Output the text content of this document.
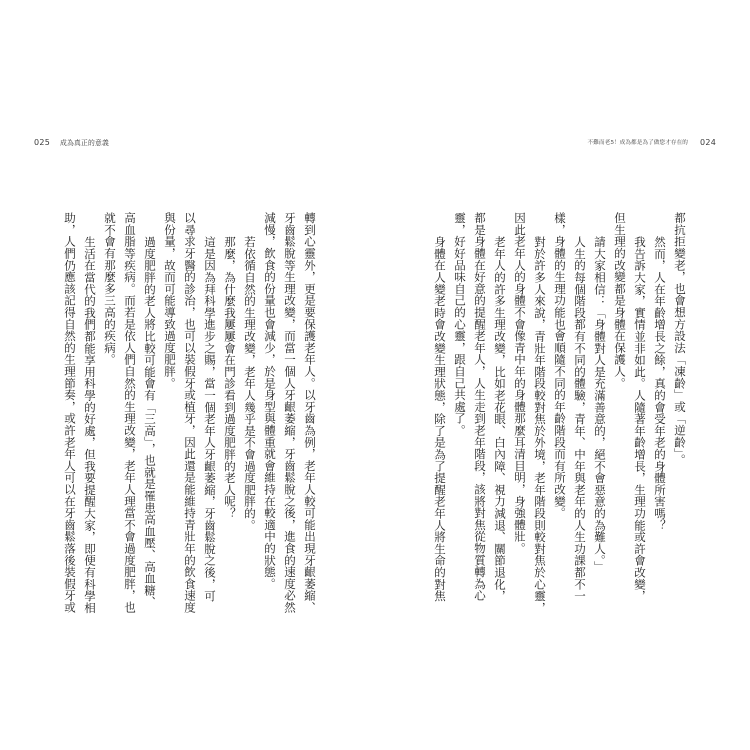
025 成為真正的意義
轉到心靈外，更是要保護老年人。以牙齒為例，老年人較可能出現牙齦萎縮、
牙齒鬆脫等生理改變，而當一個人牙齦萎縮，牙齒鬆脫之後，進食的速度必然
減慢，飲食的份量也會減少，於是身型與體重就會維持在較適中的狀態。
若依循自然的生理改變，老年人幾乎是不會過度肥胖的。
那麼，為什麼我屢屢會在門診看到過度肥胖的老人呢？
這是因為拜科學進步之賜，當一個老年人牙齦萎縮，牙齒鬆脫之後，可
以尋求牙醫的診治，也可以裝假牙或植牙，因此還是能維持青壯年的飲食速度
與份量，故而可能導致過度肥胖。
過度肥胖的老人將比較可能會有「三高」，也就是罹患高血壓、高血糖、
高血脂等疾病。而若是依人們自然的生理改變，老年人理當不會過度肥胖，也
就不會有那麼多三高的疾病。
生活在當代的我們都能享用科學的好處，但我要提醒大家，即便有科學相
助，人們仍應該記得自然的生理節奏，或許老年人可以在牙齒鬆落後裝假牙或
不難而老5！成為都是為了做您才存在的 024
都抗拒變老，也會想方設法「凍齡」或「逆齡」。
然而，人在年齡增長之餘，真的會受年老的身體所害嗎？
我告訴大家，實情並非如此。人隨著年齡增長，生理功能或許會改變，
但生理的改變都是身體在保護人。
請大家相信：「身體對人是充滿善意的，絕不會惡意的為難人。」
人生的每個階段都有不同的體驗，青年、中年與老年的人生功課都不一
樣，身體的生理功能也會順隨不同的年齡階段而有所改變。
對於許多人來說，青壯年階段較對焦於外境，老年階段則較對焦於心靈，
因此老年人的身體不會像青中年的身體那麼耳清目明，身強體壯。
老年人的許多生理改變，比如老花眼、白內障、視力減退、關節退化，
都是身體在好意的提醒老年人，人生走到老年階段，該將對焦從物質轉為心
靈，好好品味自己的心靈，跟自己共處了。
身體在人變老時會改變生理狀態，除了是為了提醒老年人將生命的對焦
